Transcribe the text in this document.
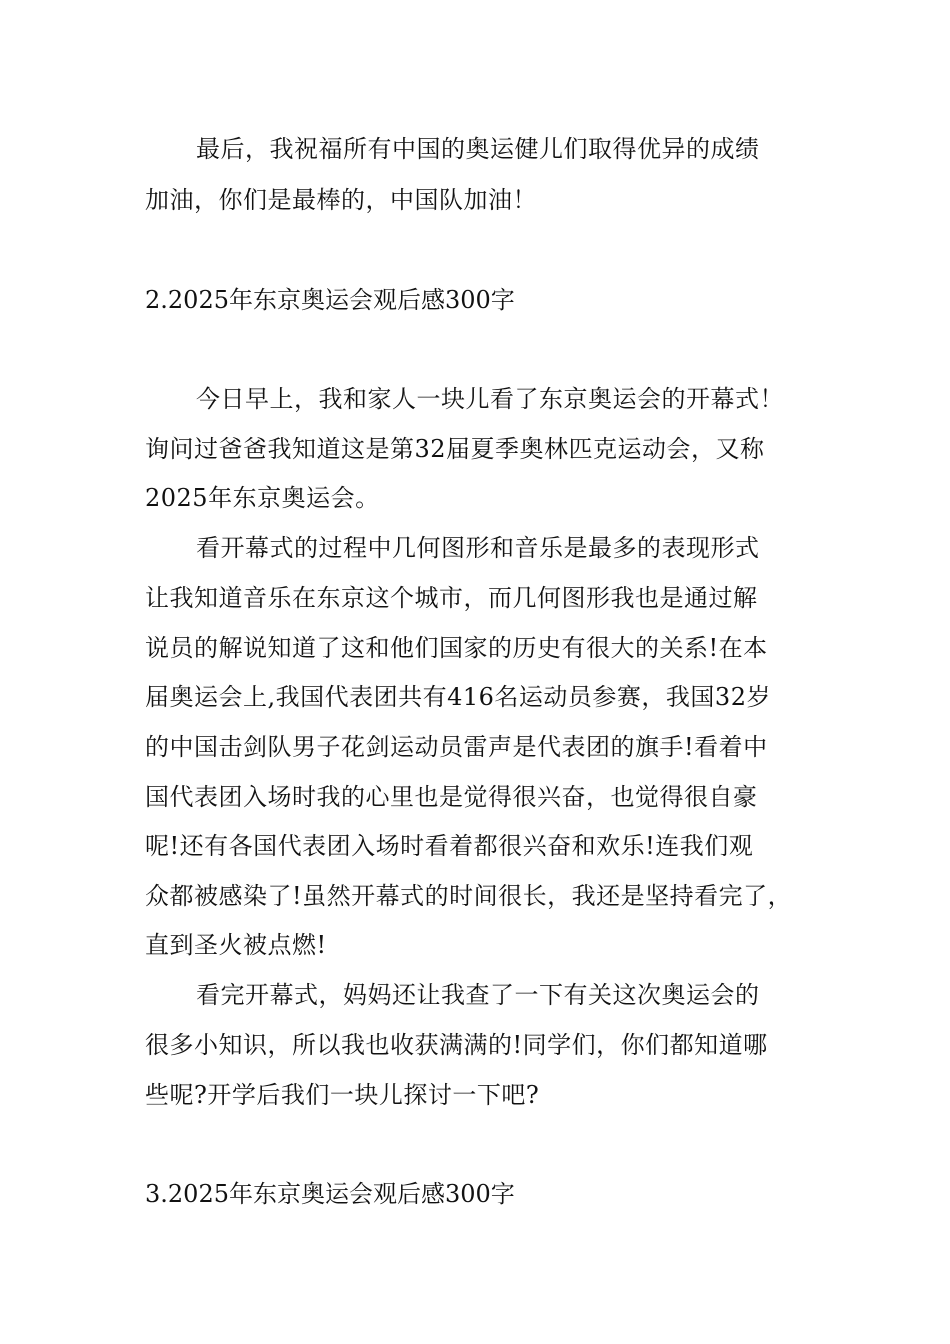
最后，我祝福所有中国的奥运健儿们取得优异的成绩
加油，你们是最棒的，中国队加油！
2.2025年东京奥运会观后感300字
今日早上，我和家人一块儿看了东京奥运会的开幕式！
询问过爸爸我知道这是第32届夏季奥林匹克运动会，又称
2025年东京奥运会。
看开幕式的过程中几何图形和音乐是最多的表现形式
让我知道音乐在东京这个城市，而几何图形我也是通过解
说员的解说知道了这和他们国家的历史有很大的关系!在本
届奥运会上,我国代表团共有416名运动员参赛，我国32岁
的中国击剑队男子花剑运动员雷声是代表团的旗手!看着中
国代表团入场时我的心里也是觉得很兴奋，也觉得很自豪
呢!还有各国代表团入场时看着都很兴奋和欢乐!连我们观
众都被感染了!虽然开幕式的时间很长，我还是坚持看完了，
直到圣火被点燃!
看完开幕式，妈妈还让我查了一下有关这次奥运会的
很多小知识，所以我也收获满满的!同学们，你们都知道哪
些呢?开学后我们一块儿探讨一下吧?
3.2025年东京奥运会观后感300字
